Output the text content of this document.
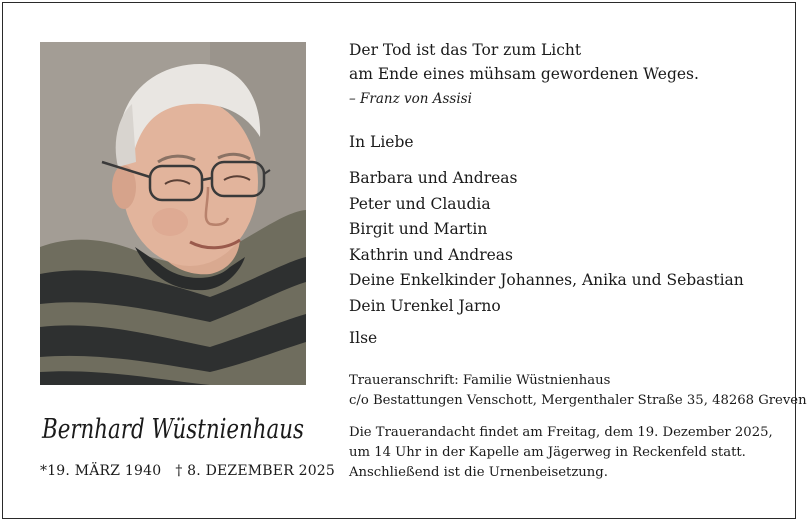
Bernhard Wüstnienhaus
*19. MÄRZ 1940 † 8. DEZEMBER 2025
Der Tod ist das Tor zum Licht
am Ende eines mühsam gewordenen Weges.
– Franz von Assisi
In Liebe
Barbara und Andreas
Peter und Claudia
Birgit und Martin
Kathrin und Andreas
Deine Enkelkinder Johannes, Anika und Sebastian
Dein Urenkel Jarno
Ilse
Traueranschrift: Familie Wüstnienhaus
c/o Bestattungen Venschott, Mergenthaler Straße 35, 48268 Greven
Die Trauerandacht findet am Freitag, dem 19. Dezember 2025,
um 14 Uhr in der Kapelle am Jägerweg in Reckenfeld statt.
Anschließend ist die Urnenbeisetzung.
